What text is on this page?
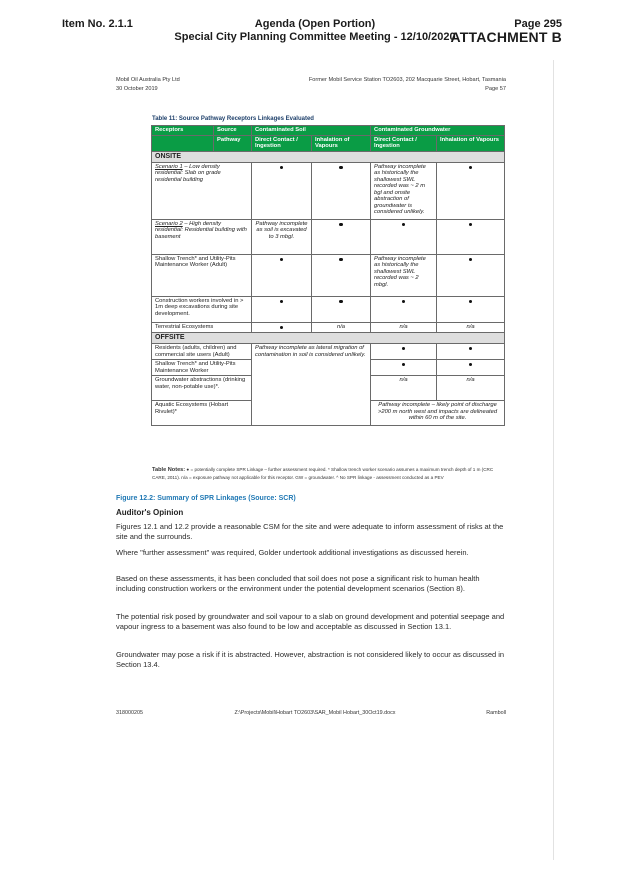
Item No. 2.1.1	Agenda (Open Portion)
Special City Planning Committee Meeting - 12/10/2020
Page 295
ATTACHMENT B
Mobil Oil Australia Pty Ltd
30 October 2019
Former Mobil Service Station TO2603, 202 Macquarie Street, Hobart, Tasmania
Page 57
Table 11: Source Pathway Receptors Linkages Evaluated
Receptors	Source	Contaminated Soil		Contaminated Groundwater	
	Pathway	Direct Contact / Ingestion	Inhalation of Vapours	Direct Contact / Ingestion	Inhalation of Vapours
ONSITE					
Scenario 1 – Low density residential: Slab on grade residential building				Pathway incomplete as historically the shallowest SWL recorded was ~ 2 m bgl and onsite abstraction of groundwater is considered unlikely.	
Scenario 2 – High density residential: Residential building with basement		Pathway incomplete as soil is excavated to 3 mbgl.			
Shallow Trench* and Utility-Pits Maintenance Worker (Adult)				Pathway incomplete as historically the shallowest SWL recorded was ~ 2 mbgl.	
Construction workers involved in > 1m deep excavations during site development.					
Terrestrial Ecosystems			n/a	n/a	n/a
OFFSITE					
Residents (adults, children) and commercial site users (Adult)		Pathway incomplete as lateral migration of contamination in soil is considered unlikely.			
Shallow Trench* and Utility-Pits Maintenance Worker					
Groundwater abstractions (drinking water, non-potable use)*.				n/a	n/a
Aquatic Ecosystems (Hobart Rivulet)*				Pathway incomplete – likely point of discharge >200 m north west and impacts are delineated within 60 m of the site.	
Table Notes: ● = potentially complete SPR Linkage – further assessment required. * Shallow trench worker scenario assumes a maximum trench depth of 1 m (CRC CARE, 2011). n/a = exposure pathway not applicable for this receptor. GW = groundwater. ^ No SPR linkage - assessment conducted as a PEV
Figure 12.2: Summary of SPR Linkages (Source: SCR)
Auditor's Opinion
Figures 12.1 and 12.2 provide a reasonable CSM for the site and were adequate to inform assessment of risks at the site and the surrounds.
Where "further assessment" was required, Golder undertook additional investigations as discussed herein.
Based on these assessments, it has been concluded that soil does not pose a significant risk to human health including construction workers or the environment under the potential development scenarios (Section 8).
The potential risk posed by groundwater and soil vapour to a slab on ground development and potential seepage and vapour ingress to a basement was also found to be low and acceptable as discussed in Section 13.1.
Groundwater may pose a risk if it is abstracted. However, abstraction is not considered likely to occur as discussed in Section 13.4.
318000205	Z:\Projects\Mobil\Hobart TO2603\SAR_Mobil Hobart_30Oct19.docx	Ramboll
